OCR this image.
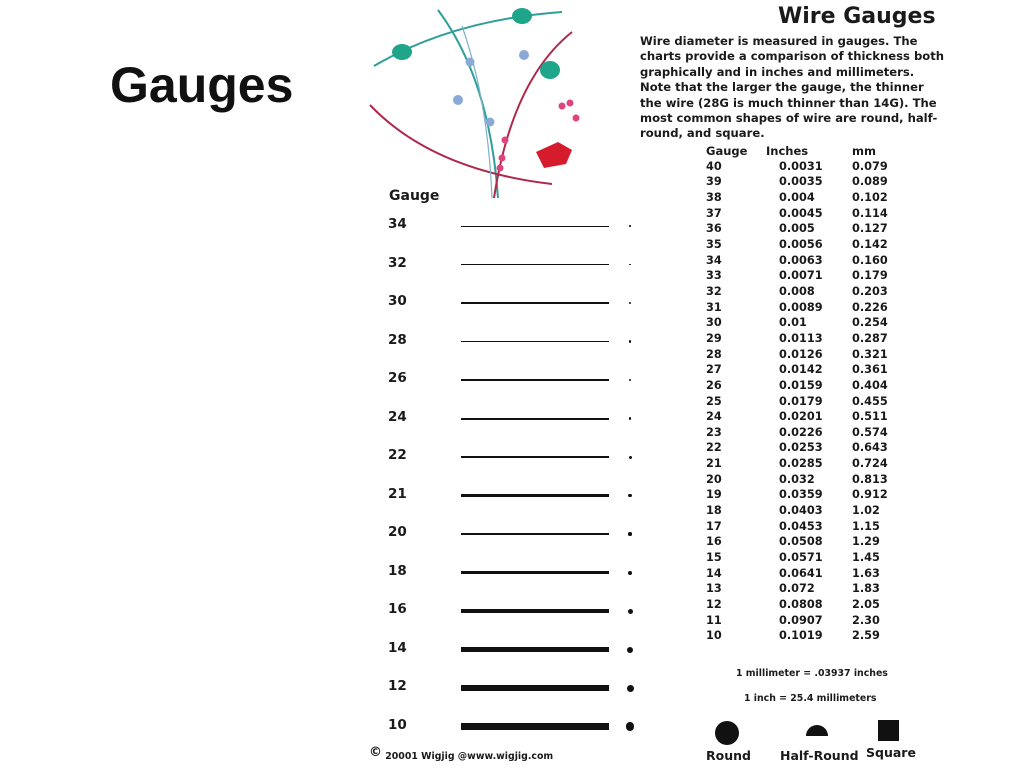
Gauges
Wire Gauges
Wire diameter is measured in gauges. The charts provide a comparison of thickness both graphically and in inches and millimeters. Note that the larger the gauge, the thinner the wire (28G is much thinner than 14G). The most common shapes of wire are round, half-round, and square.
Gauge
34
32
30
28
26
24
22
21
20
18
16
14
12
10
Gauge Inches	mm
40	0.0031	0.079
39	0.0035	0.089
38	0.004	0.102
37	0.0045	0.114
36	0.005	0.127
35	0.0056	0.142
34	0.0063	0.160
33	0.0071	0.179
32	0.008	0.203
31	0.0089	0.226
30	0.01	0.254
29	0.0113	0.287
28	0.0126	0.321
27	0.0142	0.361
26	0.0159	0.404
25	0.0179	0.455
24	0.0201	0.511
23	0.0226	0.574
22	0.0253	0.643
21	0.0285	0.724
20	0.032	0.813
19	0.0359	0.912
18	0.0403	1.02
17	0.0453	1.15
16	0.0508	1.29
15	0.0571	1.45
14	0.0641	1.63
13	0.072	1.83
12	0.0808	2.05
11	0.0907	2.30
10	0.1019	2.59
1 millimeter = .03937 inches
1 inch = 25.4 millimeters
Round Half-Round Square
© 20001 Wigjig @www.wigjig.com
